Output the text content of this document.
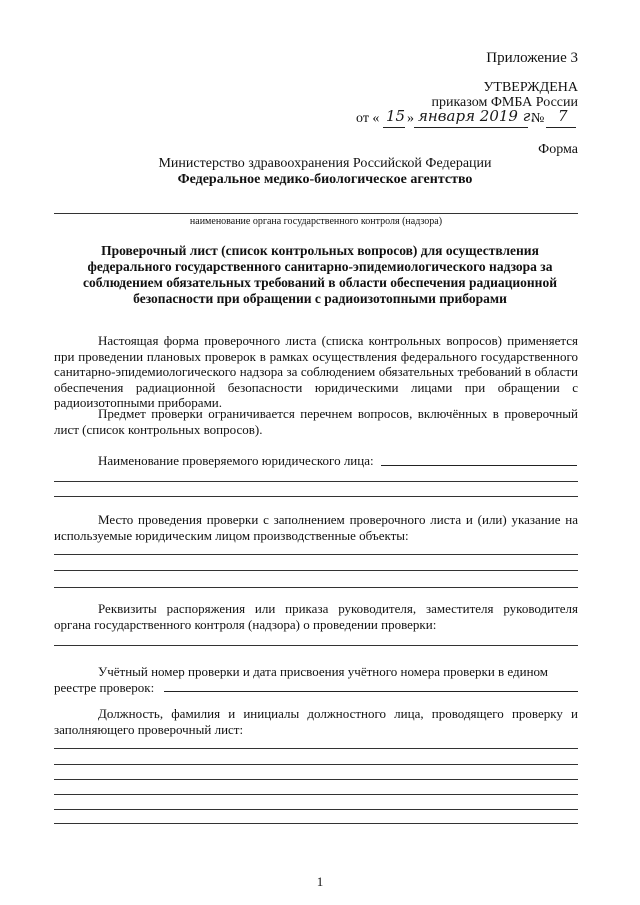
Приложение 3
УТВЕРЖДЕНА
приказом ФМБА России
от « 15 » января 2019 г.
№ 7
Форма
Министерство здравоохранения Российской Федерации
Федеральное медико-биологическое агентство
наименование органа государственного контроля (надзора)
Проверочный лист (список контрольных вопросов) для осуществления федерального государственного санитарно-эпидемиологического надзора за соблюдением обязательных требований в области обеспечения радиационной безопасности при обращении с радиоизотопными приборами
Настоящая форма проверочного листа (списка контрольных вопросов) применяется при проведении плановых проверок в рамках осуществления федерального государственного санитарно-эпидемиологического надзора за соблюдением обязательных требований в области обеспечения радиационной безопасности юридическими лицами при обращении с радиоизотопными приборами.
Предмет проверки ограничивается перечнем вопросов, включённых в проверочный лист (список контрольных вопросов).
Наименование проверяемого юридического лица:
Место проведения проверки с заполнением проверочного листа и (или) указание на используемые юридическим лицом производственные объекты:
Реквизиты распоряжения или приказа руководителя, заместителя руководителя органа государственного контроля (надзора) о проведении проверки:
Учётный номер проверки и дата присвоения учётного номера проверки в едином
реестре проверок:
Должность, фамилия и инициалы должностного лица, проводящего проверку и заполняющего проверочный лист:
1
